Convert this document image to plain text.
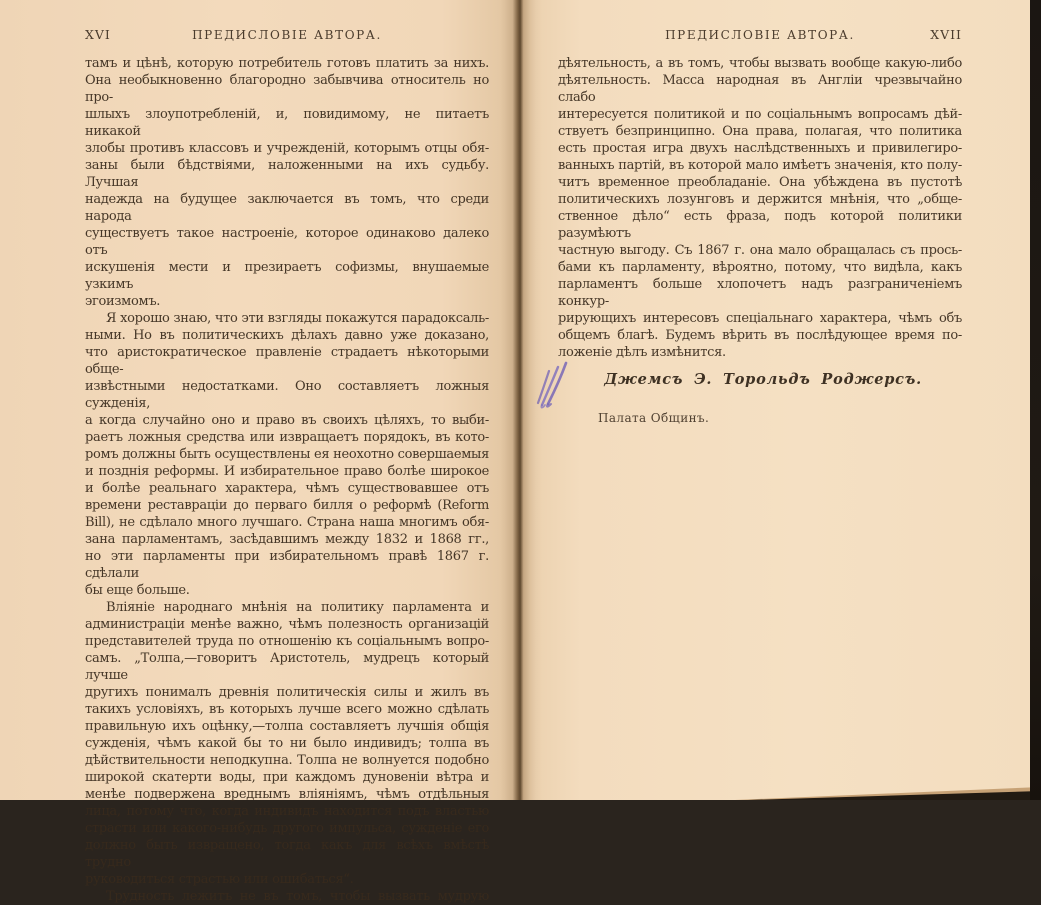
XVI	ПРЕДИСЛОВІЕ АВТОРА.
тамъ и цѣнѣ, которую потребитель готовъ платить за нихъ.
Она необыкновенно благородно забывчива относитель но про-
шлыхъ злоупотребленій, и, повидимому, не питаетъ никакой
злобы противъ классовъ и учрежденій, которымъ отцы обя-
заны были бѣдствіями, наложенными на ихъ судьбу. Лучшая
надежда на будущее заключается въ томъ, что среди народа
существуетъ такое настроеніе, которое одинаково далеко отъ
искушенія мести и презираетъ софизмы, внушаемые узкимъ
эгоизмомъ.
Я хорошо знаю, что эти взгляды покажутся парадоксаль-
ными. Но въ политическихъ дѣлахъ давно уже доказано,
что аристократическое правленіе страдаетъ нѣкоторыми обще-
извѣстными недостатками. Оно составляетъ ложныя сужденія,
а когда случайно оно и право въ своихъ цѣляхъ, то выби-
раетъ ложныя средства или извращаетъ порядокъ, въ кото-
ромъ должны быть осуществлены ея неохотно совершаемыя
и позднія реформы. И избирательное право болѣе широкое
и болѣе реальнаго характера, чѣмъ существовавшее отъ
времени реставраціи до перваго билля о реформѣ (Reform
Bill), не сдѣлало много лучшаго. Страна наша многимъ обя-
зана парламентамъ, засѣдавшимъ между 1832 и 1868 гг.,
но эти парламенты при избирательномъ правѣ 1867 г. сдѣлали
бы еще больше.
Вліяніе народнаго мнѣнія на политику парламента и
администраціи менѣе важно, чѣмъ полезность организацій
представителей труда по отношенію къ соціальнымъ вопро-
самъ. „Толпа,—говоритъ Аристотель, мудрецъ который лучше
другихъ понималъ древнія политическія силы и жилъ въ
такихъ условіяхъ, въ которыхъ лучше всего можно сдѣлать
правильную ихъ оцѣнку,—толпа составляетъ лучшія общія
сужденія, чѣмъ какой бы то ни было индивидъ; толпа въ
дѣйствительности неподкупна. Толпа не волнуется подобно
широкой скатерти воды, при каждомъ дуновеніи вѣтра и
менѣе подвержена вреднымъ вліяніямъ, чѣмъ отдѣльныя
лица, потому что, когда индивидъ находится подъ властью
страсти или какого-нибудь другого импульса, сужденіе его
должно быть извращено, тогда какъ для всѣхъ вмѣстѣ трудно
руководиться страстью или ошибаться“.
Трудность лежитъ не въ томъ, чтобы вызвать мудрую
ПРЕДИСЛОВІЕ АВТОРА.	XVII
дѣятельность, а въ томъ, чтобы вызвать вообще какую-либо
дѣятельность. Масса народная въ Англіи чрезвычайно слабо
интересуется политикой и по соціальнымъ вопросамъ дѣй-
ствуетъ безпринципно. Она права, полагая, что политика
есть простая игра двухъ наслѣдственныхъ и привилегиро-
ванныхъ партій, въ которой мало имѣетъ значенія, кто полу-
читъ временное преобладаніе. Она убѣждена въ пустотѣ
политическихъ лозунговъ и держится мнѣнія, что „обще-
ственное дѣло“ есть фраза, подъ которой политики разумѣютъ
частную выгоду. Съ 1867 г. она мало обращалась съ прось-
бами къ парламенту, вѣроятно, потому, что видѣла, какъ
парламентъ больше хлопочетъ надъ разграниченіемъ конкур-
рирующихъ интересовъ спеціальнаго характера, чѣмъ объ
общемъ благѣ. Будемъ вѣрить въ послѣдующее время по-
ложеніе дѣлъ измѣнится.
Джемсъ Э. Торольдъ Роджерсъ.
Палата Общинъ.
